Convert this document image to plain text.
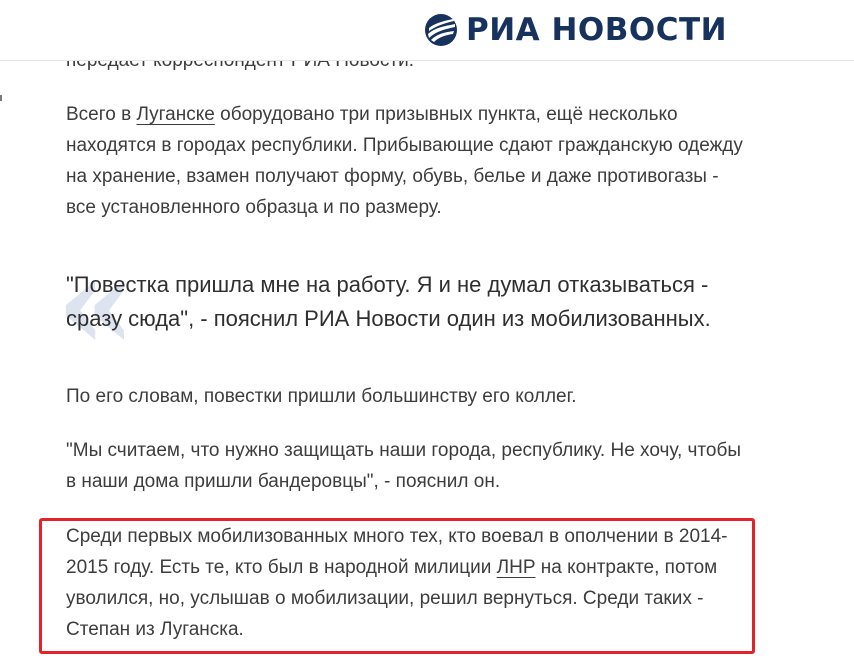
РИА НОВОСТИ
Всего в Луганске оборудовано три призывных пункта, ещё несколько находятся в городах республики. Прибывающие сдают гражданскую одежду на хранение, взамен получают форму, обувь, белье и даже противогазы - все установленного образца и по размеру.
«
"Повестка пришла мне на работу. Я и не думал отказываться - сразу сюда", - пояснил РИА Новости один из мобилизованных.
По его словам, повестки пришли большинству его коллег.
"Мы считаем, что нужно защищать наши города, республику. Не хочу, чтобы в наши дома пришли бандеровцы", - пояснил он.
Среди первых мобилизованных много тех, кто воевал в ополчении в 2014-2015 году. Есть те, кто был в народной милиции ЛНР на контракте, потом уволился, но, услышав о мобилизации, решил вернуться. Среди таких - Степан из Луганска.
